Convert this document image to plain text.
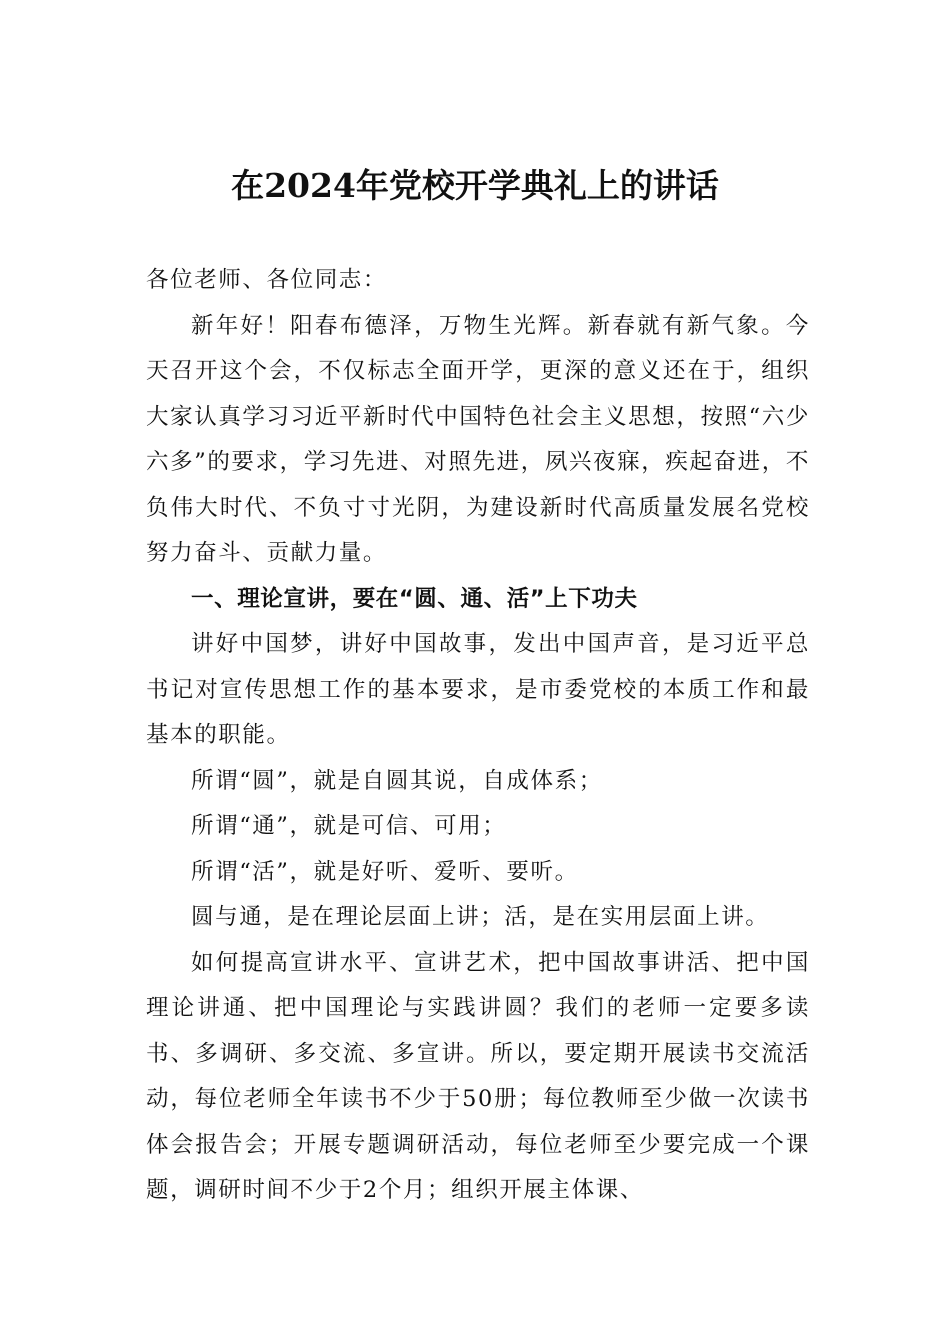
在2024年党校开学典礼上的讲话

各位老师、各位同志：

新年好！阳春布德泽，万物生光辉。新春就有新气象。今天召开这个会，不仅标志全面开学，更深的意义还在于，组织大家认真学习习近平新时代中国特色社会主义思想，按照“六少六多”的要求，学习先进、对照先进，夙兴夜寐，疾起奋进，不负伟大时代、不负寸寸光阴，为建设新时代高质量发展名党校努力奋斗、贡献力量。

一、理论宣讲，要在“圆、通、活”上下功夫

讲好中国梦，讲好中国故事，发出中国声音，是习近平总书记对宣传思想工作的基本要求，是市委党校的本质工作和最基本的职能。

所谓“圆”，就是自圆其说，自成体系；

所谓“通”，就是可信、可用；

所谓“活”，就是好听、爱听、要听。

圆与通，是在理论层面上讲；活，是在实用层面上讲。

如何提高宣讲水平、宣讲艺术，把中国故事讲活、把中国理论讲通、把中国理论与实践讲圆？我们的老师一定要多读书、多调研、多交流、多宣讲。所以，要定期开展读书交流活动，每位老师全年读书不少于50册；每位教师至少做一次读书体会报告会；开展专题调研活动，每位老师至少要完成一个课题，调研时间不少于2个月；组织开展主体课、
